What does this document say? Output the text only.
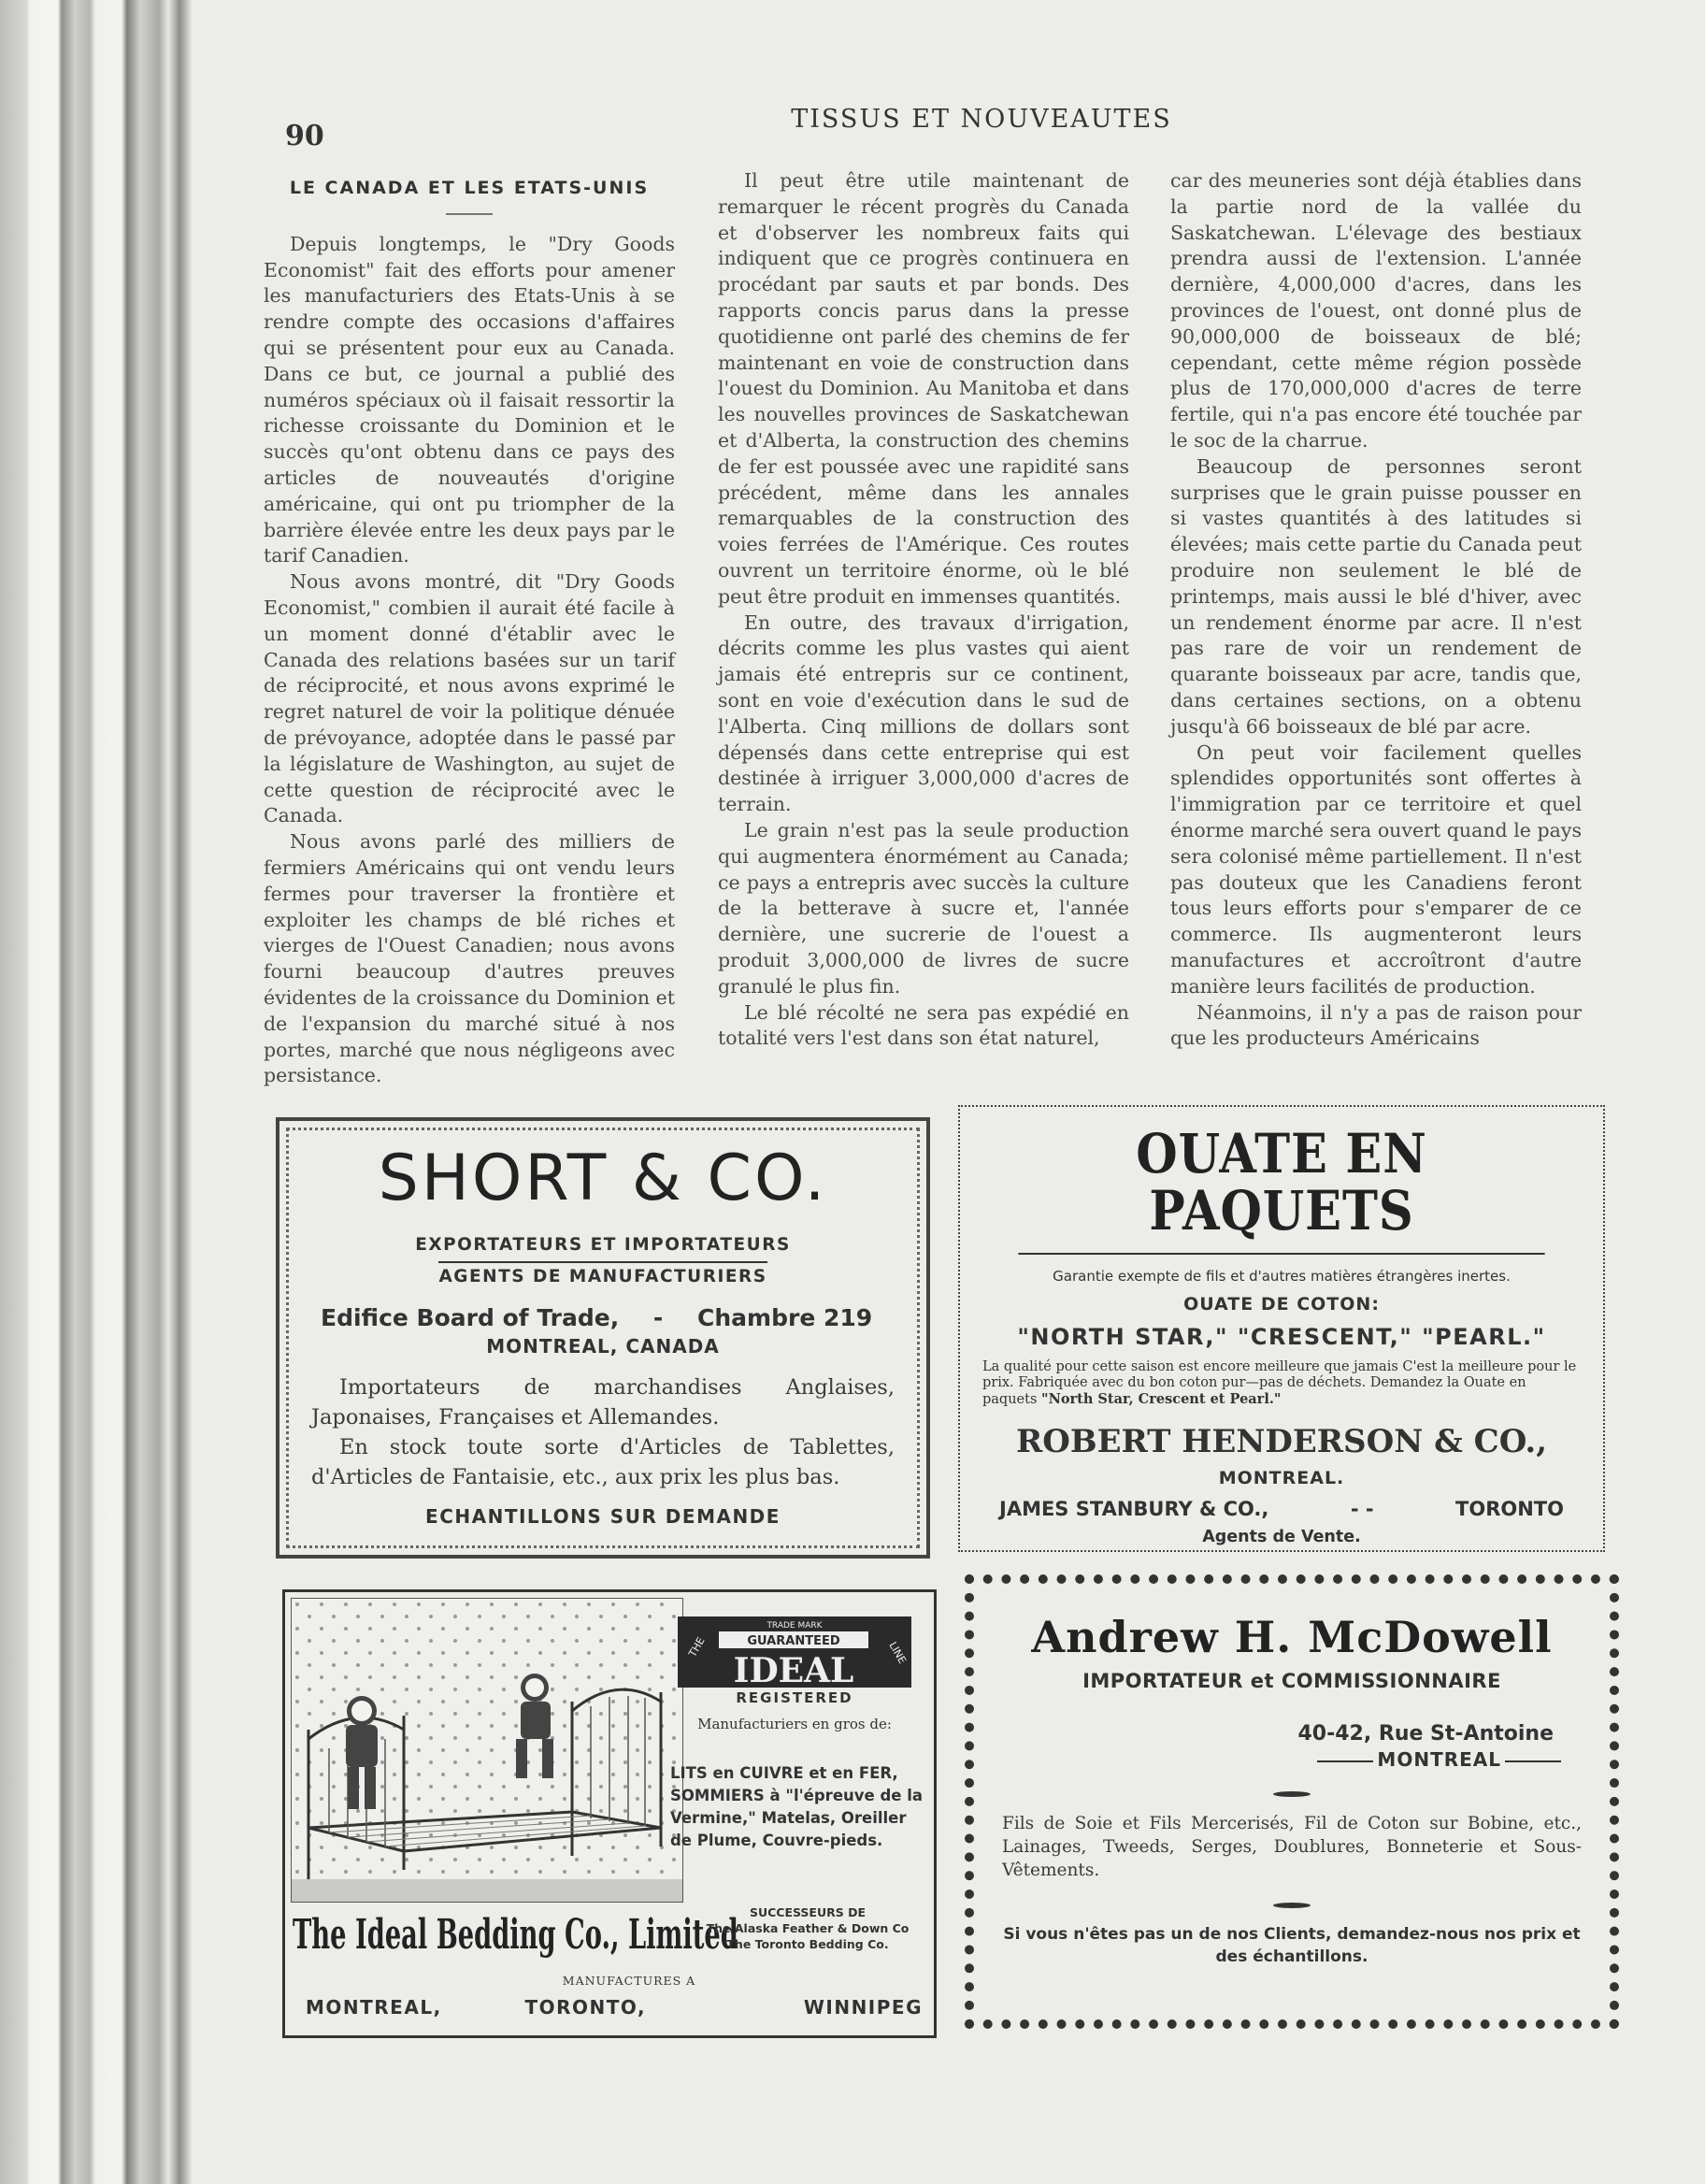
90
TISSUS ET NOUVEAUTES
LE CANADA ET LES ETATS-UNIS

Depuis longtemps, le "Dry Goods Economist" fait des efforts pour amener les manufacturiers des Etats-Unis à se rendre compte des occasions d'affaires qui se présentent pour eux au Canada. Dans ce but, ce journal a publié des numéros spéciaux où il faisait ressortir la richesse croissante du Dominion et le succès qu'ont obtenu dans ce pays des articles de nouveautés d'origine américaine, qui ont pu triompher de la barrière élevée entre les deux pays par le tarif Canadien.

Nous avons montré, dit "Dry Goods Economist," combien il aurait été facile à un moment donné d'établir avec le Canada des relations basées sur un tarif de réciprocité, et nous avons exprimé le regret naturel de voir la politique dénuée de prévoyance, adoptée dans le passé par la législature de Washington, au sujet de cette question de réciprocité avec le Canada.

Nous avons parlé des milliers de fermiers Américains qui ont vendu leurs fermes pour traverser la frontière et exploiter les champs de blé riches et vierges de l'Ouest Canadien; nous avons fourni beaucoup d'autres preuves évidentes de la croissance du Dominion et de l'expansion du marché situé à nos portes, marché que nous négligeons avec persistance.

Il peut être utile maintenant de remarquer le récent progrès du Canada et d'observer les nombreux faits qui indiquent que ce progrès continuera en procédant par sauts et par bonds. Des rapports concis parus dans la presse quotidienne ont parlé des chemins de fer maintenant en voie de construction dans l'ouest du Dominion. Au Manitoba et dans les nouvelles provinces de Saskatchewan et d'Alberta, la construction des chemins de fer est poussée avec une rapidité sans précédent, même dans les annales remarquables de la construction des voies ferrées de l'Amérique. Ces routes ouvrent un territoire énorme, où le blé peut être produit en immenses quantités.

En outre, des travaux d'irrigation, décrits comme les plus vastes qui aient jamais été entrepris sur ce continent, sont en voie d'exécution dans le sud de l'Alberta. Cinq millions de dollars sont dépensés dans cette entreprise qui est destinée à irriguer 3,000,000 d'acres de terrain.

Le grain n'est pas la seule production qui augmentera énormément au Canada; ce pays a entrepris avec succès la culture de la betterave à sucre et, l'année dernière, une sucrerie de l'ouest a produit 3,000,000 de livres de sucre granulé le plus fin.

Le blé récolté ne sera pas expédié en totalité vers l'est dans son état naturel,

car des meuneries sont déjà établies dans la partie nord de la vallée du Saskatchewan. L'élevage des bestiaux prendra aussi de l'extension. L'année dernière, 4,000,000 d'acres, dans les provinces de l'ouest, ont donné plus de 90,000,000 de boisseaux de blé; cependant, cette même région possède plus de 170,000,000 d'acres de terre fertile, qui n'a pas encore été touchée par le soc de la charrue.

Beaucoup de personnes seront surprises que le grain puisse pousser en si vastes quantités à des latitudes si élevées; mais cette partie du Canada peut produire non seulement le blé de printemps, mais aussi le blé d'hiver, avec un rendement énorme par acre. Il n'est pas rare de voir un rendement de quarante boisseaux par acre, tandis que, dans certaines sections, on a obtenu jusqu'à 66 boisseaux de blé par acre.

On peut voir facilement quelles splendides opportunités sont offertes à l'immigration par ce territoire et quel énorme marché sera ouvert quand le pays sera colonisé même partiellement. Il n'est pas douteux que les Canadiens feront tous leurs efforts pour s'emparer de ce commerce. Ils augmenteront leurs manufactures et accroîtront d'autre manière leurs facilités de production.

Néanmoins, il n'y a pas de raison pour que les producteurs Américains

SHORT & CO.
EXPORTATEURS ET IMPORTATEURS
AGENTS DE MANUFACTURIERS
Edifice Board of Trade, - Chambre 219
MONTREAL, CANADA

Importateurs de marchandises Anglaises, Japonaises, Françaises et Allemandes.

En stock toute sorte d'Articles de Tablettes, d'Articles de Fantaisie, etc., aux prix les plus bas.

ECHANTILLONS SUR DEMANDE
OUATE EN PAQUETS
Garantie exempte de fils et d'autres matières étrangères inertes.
OUATE DE COTON:
"NORTH STAR," "CRESCENT," "PEARL."
La qualité pour cette saison est encore meilleure que jamais C'est la meilleure pour le prix. Fabriquée avec du bon coton pur—pas de déchets. Demandez la Ouate en paquets "North Star, Crescent et Pearl."
ROBERT HENDERSON & CO.,
MONTREAL.
JAMES STANBURY & CO.,	- -	TORONTO
Agents de Vente.
TRADE MARK
THE	GUARANTEED
IDEAL	LINE
REGISTERED
Manufacturiers en gros de:
LITS en CUIVRE et en FER, SOMMIERS à "l'épreuve de la Vermine," Matelas, Oreiller de Plume, Couvre-pieds.
The Ideal Bedding Co., Limited SUCCESSEURS DE
The Alaska Feather & Down Co
The Toronto Bedding Co.
MANUFACTURES A
MONTREAL,	TORONTO,	WINNIPEG
Andrew H. McDowell
IMPORTATEUR et COMMISSIONNAIRE
40-42, Rue St-Antoine
MONTREAL
Fils de Soie et Fils Mercerisés, Fil de Coton sur Bobine, etc., Lainages, Tweeds, Serges, Doublures, Bonneterie et Sous-Vêtements.
Si vous n'êtes pas un de nos Clients, demandez-nous nos prix et des échantillons.
